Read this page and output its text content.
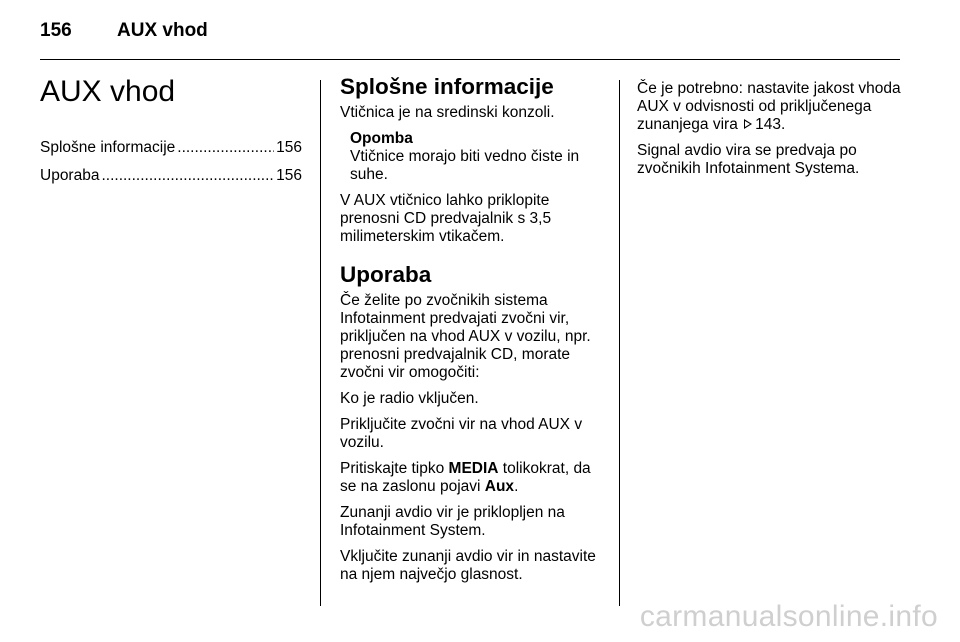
156 AUX vhod
AUX vhod
Splošne informacije .....	156
Uporaba .....	156
Splošne informacije

Vtičnica je na sredinski konzoli.

Opomba
Vtičnice morajo biti vedno čiste in suhe.

V AUX vtičnico lahko priklopite prenosni CD predvajalnik s 3,5 milimeterskim vtikačem.

Uporaba

Če želite po zvočnikih sistema Infotainment predvajati zvočni vir, priključen na vhod AUX v vozilu, npr. prenosni predvajalnik CD, morate zvočni vir omogočiti:

Ko je radio vključen.

Priključite zvočni vir na vhod AUX v vozilu.

Pritiskajte tipko MEDIA tolikokrat, da se na zaslonu pojavi Aux.

Zunanji avdio vir je priklopljen na Infotainment System.

Vključite zunanji avdio vir in nastavite na njem največjo glasnost.

Če je potrebno: nastavite jakost vhoda AUX v odvisnosti od priključenega zunanjega vira 143.

Signal avdio vira se predvaja po zvočnikih Infotainment Systema.

carmanualsonline.info
